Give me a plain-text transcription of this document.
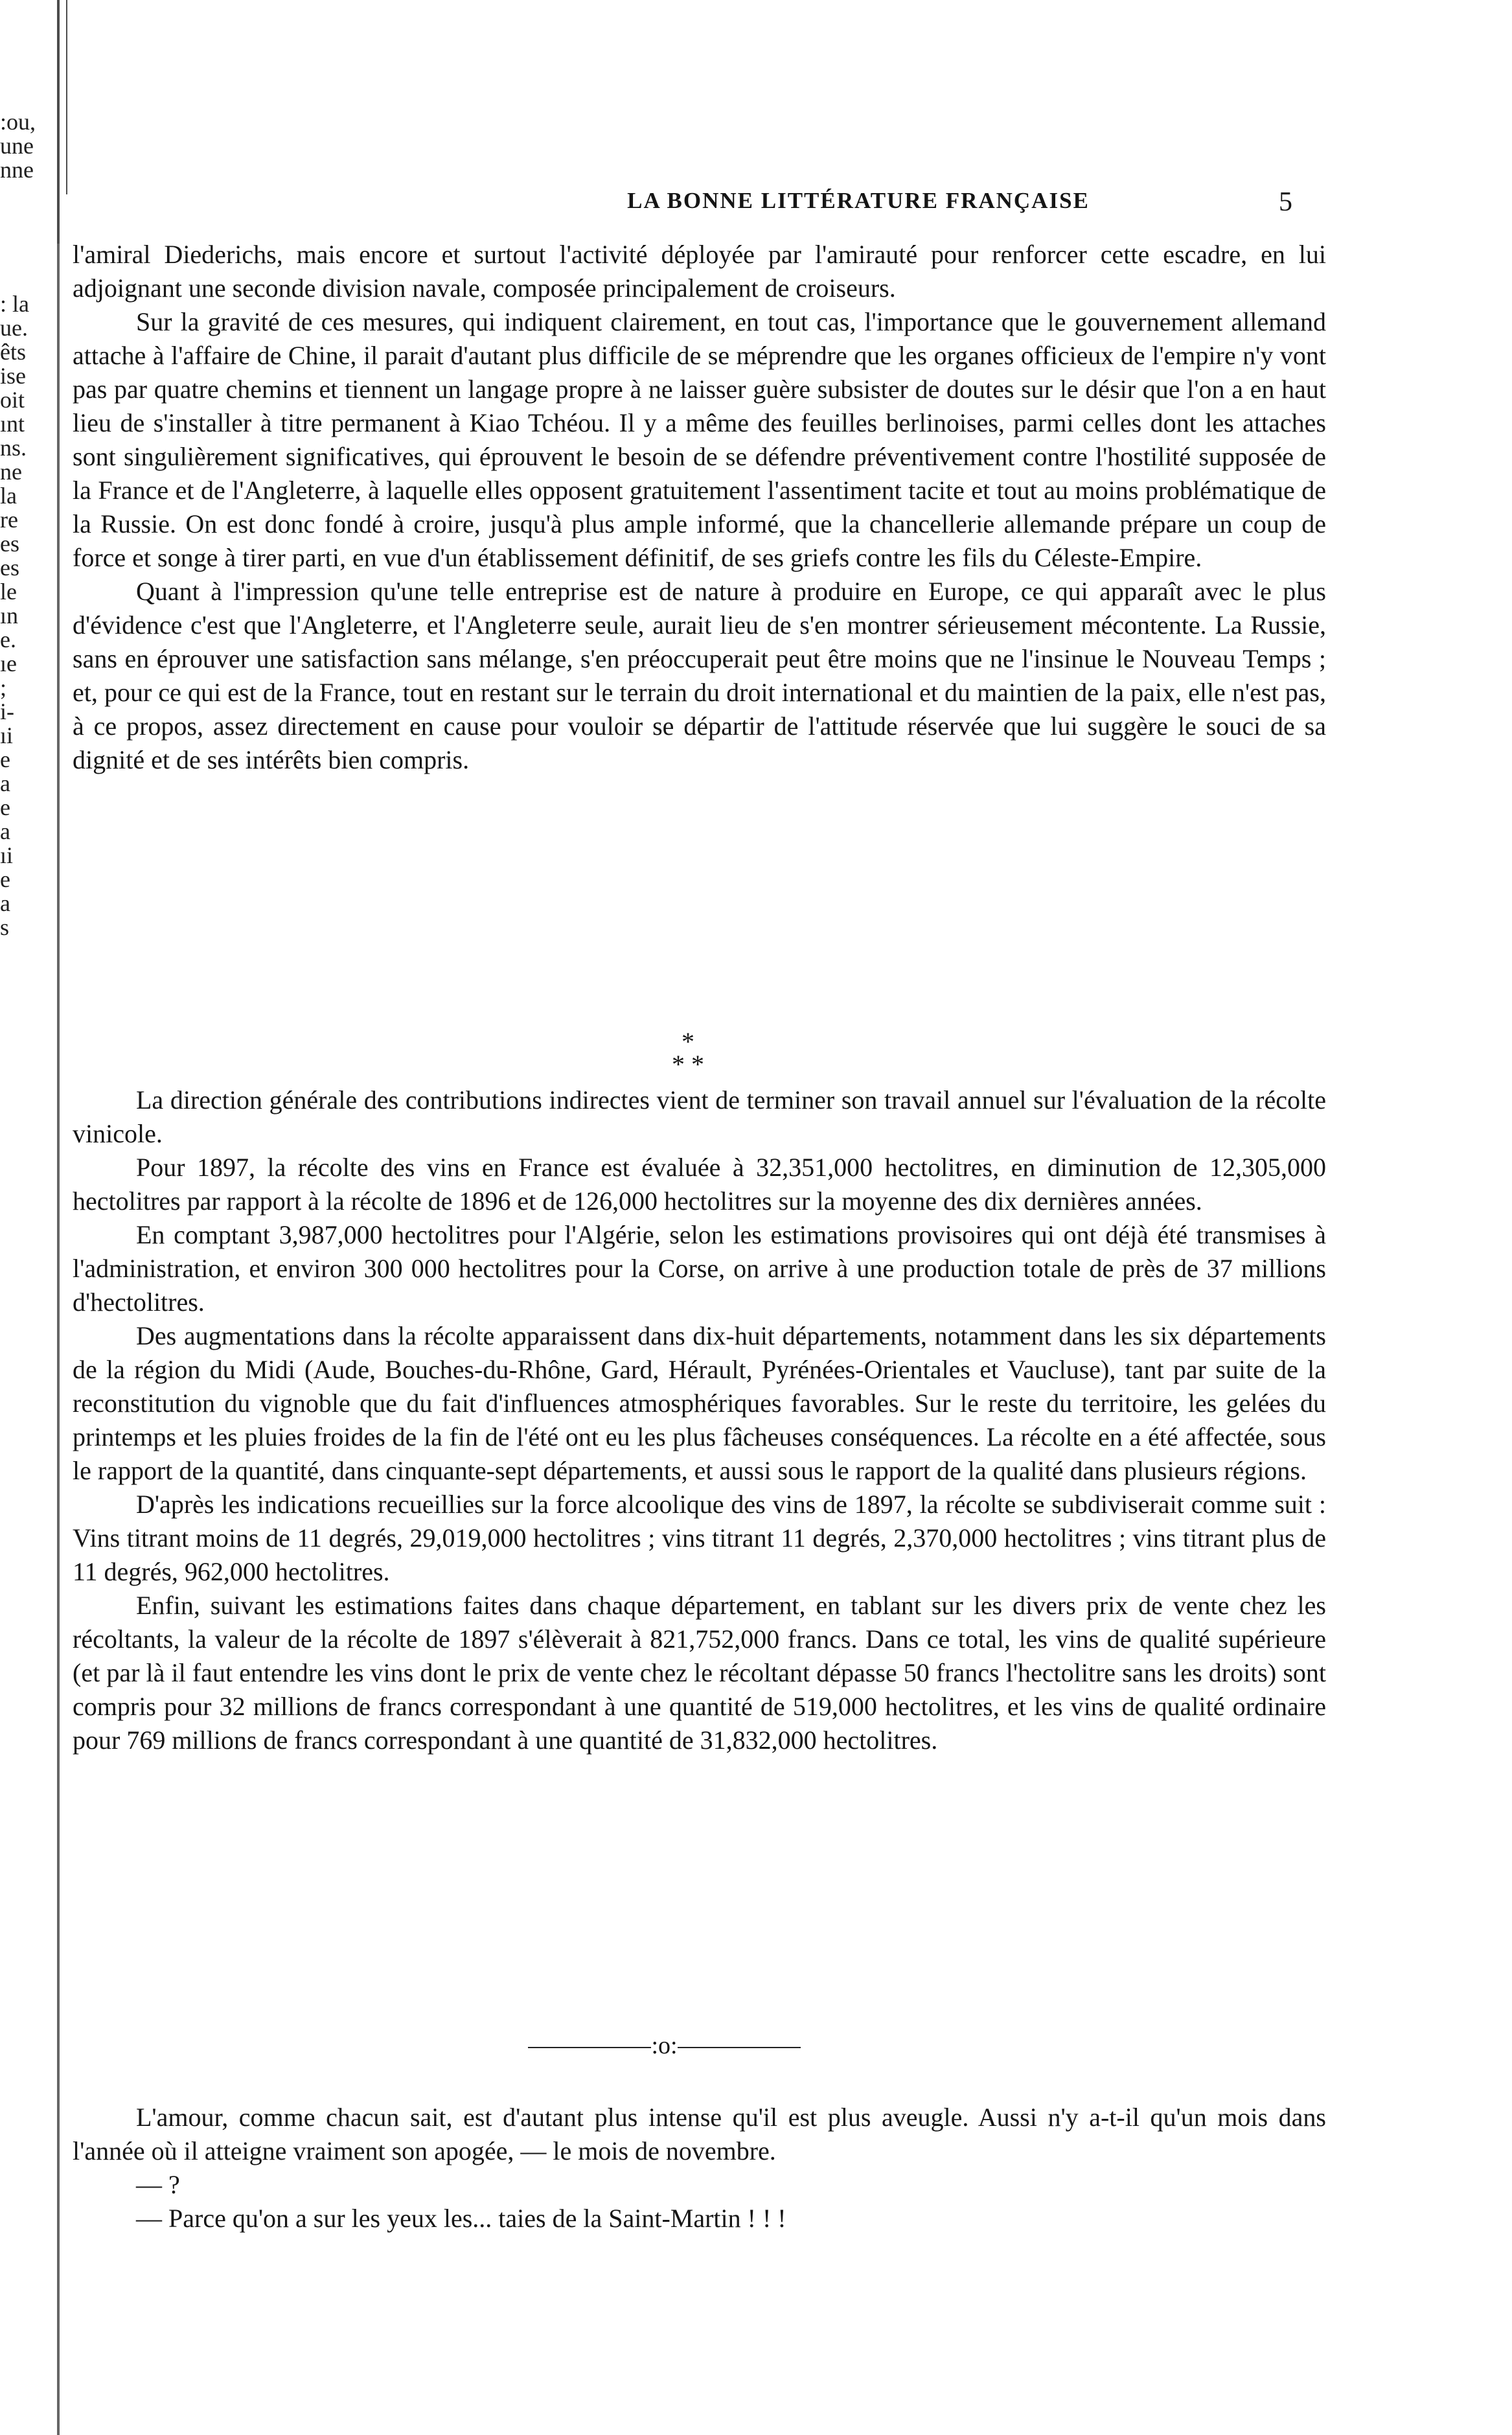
:ou,
une
nne
: la
ue.
êts
ise
oit
ınt
ns.
ne
la
re
es
es
le
ın
e.
ıe
;
i-
ıi
e
a
e
a
ıi
e
a
s
LA BONNE LITTÉRATURE FRANÇAISE	5

l'amiral Diederichs, mais encore et surtout l'activité déployée par l'amirauté pour renforcer cette escadre, en lui adjoignant une seconde division navale, composée principalement de croiseurs.

Sur la gravité de ces mesures, qui indiquent clairement, en tout cas, l'importance que le gouvernement allemand attache à l'affaire de Chine, il parait d'autant plus difficile de se méprendre que les organes officieux de l'empire n'y vont pas par quatre chemins et tiennent un langage propre à ne laisser guère subsister de doutes sur le désir que l'on a en haut lieu de s'installer à titre permanent à Kiao Tchéou. Il y a même des feuilles berlinoises, parmi celles dont les attaches sont singulièrement significatives, qui éprouvent le besoin de se défendre préventivement contre l'hostilité supposée de la France et de l'Angleterre, à laquelle elles opposent gratuitement l'assentiment tacite et tout au moins problématique de la Russie. On est donc fondé à croire, jusqu'à plus ample informé, que la chancellerie allemande prépare un coup de force et songe à tirer parti, en vue d'un établissement définitif, de ses griefs contre les fils du Céleste-Empire.

Quant à l'impression qu'une telle entreprise est de nature à produire en Europe, ce qui apparaît avec le plus d'évidence c'est que l'Angleterre, et l'Angleterre seule, aurait lieu de s'en montrer sérieusement mécontente. La Russie, sans en éprouver une satisfaction sans mélange, s'en préoccuperait peut être moins que ne l'insinue le Nouveau Temps ; et, pour ce qui est de la France, tout en restant sur le terrain du droit international et du maintien de la paix, elle n'est pas, à ce propos, assez directement en cause pour vouloir se départir de l'attitude réservée que lui suggère le souci de sa dignité et de ses intérêts bien compris.

*
* *

La direction générale des contributions indirectes vient de terminer son travail annuel sur l'évaluation de la récolte vinicole.

Pour 1897, la récolte des vins en France est évaluée à 32,351,000 hectolitres, en diminution de 12,305,000 hectolitres par rapport à la récolte de 1896 et de 126,000 hectolitres sur la moyenne des dix dernières années.

En comptant 3,987,000 hectolitres pour l'Algérie, selon les estimations provisoires qui ont déjà été transmises à l'administration, et environ 300 000 hectolitres pour la Corse, on arrive à une production totale de près de 37 millions d'hectolitres.

Des augmentations dans la récolte apparaissent dans dix-huit départements, notamment dans les six départements de la région du Midi (Aude, Bouches-du-Rhône, Gard, Hérault, Pyrénées-Orientales et Vaucluse), tant par suite de la reconstitution du vignoble que du fait d'influences atmosphériques favorables. Sur le reste du territoire, les gelées du printemps et les pluies froides de la fin de l'été ont eu les plus fâcheuses conséquences. La récolte en a été affectée, sous le rapport de la quantité, dans cinquante-sept départements, et aussi sous le rapport de la qualité dans plusieurs régions.

D'après les indications recueillies sur la force alcoolique des vins de 1897, la récolte se subdiviserait comme suit : Vins titrant moins de 11 degrés, 29,019,000 hectolitres ; vins titrant 11 degrés, 2,370,000 hectolitres ; vins titrant plus de 11 degrés, 962,000 hectolitres.

Enfin, suivant les estimations faites dans chaque département, en tablant sur les divers prix de vente chez les récoltants, la valeur de la récolte de 1897 s'élèverait à 821,752,000 francs. Dans ce total, les vins de qualité supérieure (et par là il faut entendre les vins dont le prix de vente chez le récoltant dépasse 50 francs l'hectolitre sans les droits) sont compris pour 32 millions de francs correspondant à une quantité de 519,000 hectolitres, et les vins de qualité ordinaire pour 769 millions de francs correspondant à une quantité de 31,832,000 hectolitres.

:o:

L'amour, comme chacun sait, est d'autant plus intense qu'il est plus aveugle. Aussi n'y a-t-il qu'un mois dans l'année où il atteigne vraiment son apogée, — le mois de novembre.

— ?

— Parce qu'on a sur les yeux les... taies de la Saint-Martin ! ! !
